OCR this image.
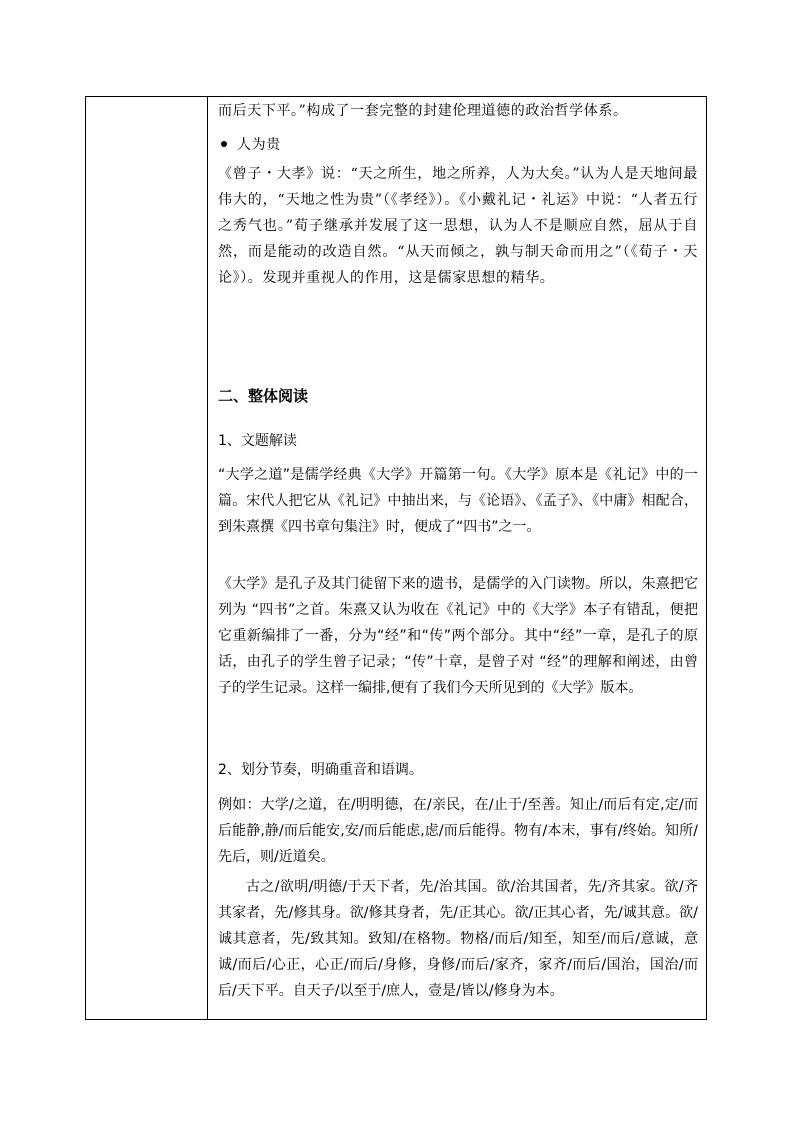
而后天下平。”构成了一套完整的封建伦理道德的政治哲学体系。

人为贵

《曾子・大孝》说：“天之所生，地之所养，人为大矣。”认为人是天地间最伟大的，“天地之性为贵”（《孝经》）。《小戴礼记・礼运》中说：“人者五行之秀气也。”荀子继承并发展了这一思想，认为人不是顺应自然，屈从于自然，而是能动的改造自然。“从天而倾之，孰与制天命而用之”（《荀子・天论》）。发现并重视人的作用，这是儒家思想的精华。

二、整体阅读

1、文题解读

“大学之道”是儒学经典《大学》开篇第一句。《大学》原本是《礼记》中的一篇。宋代人把它从《礼记》中抽出来，与《论语》、《孟子》、《中庸》相配合，到朱熹撰《四书章句集注》时，便成了“四书”之一。

《大学》是孔子及其门徒留下来的遗书，是儒学的入门读物。所以，朱熹把它列为 “四书”之首。朱熹又认为收在《礼记》中的《大学》本子有错乱，便把它重新编排了一番，分为“经”和“传”两个部分。其中“经”一章，是孔子的原话，由孔子的学生曾子记录；“传”十章，是曾子对 “经”的理解和阐述，由曾子的学生记录。这样一编排,便有了我们今天所见到的《大学》版本。

2、划分节奏，明确重音和语调。

例如：大学/之道，在/明明德，在/亲民，在/止于/至善。知止/而后有定,定/而后能静,静/而后能安,安/而后能虑,虑/而后能得。物有/本末，事有/终始。知所/先后，则/近道矣。

古之/欲明/明德/于天下者，先/治其国。欲/治其国者，先/齐其家。欲/齐其家者，先/修其身。欲/修其身者，先/正其心。欲/正其心者，先/诚其意。欲/诚其意者，先/致其知。致知/在格物。物格/而后/知至，知至/而后/意诚，意诚/而后/心正，心正/而后/身修，身修/而后/家齐，家齐/而后/国治，国治/而后/天下平。自天子/以至于/庶人，壹是/皆以/修身为本。
